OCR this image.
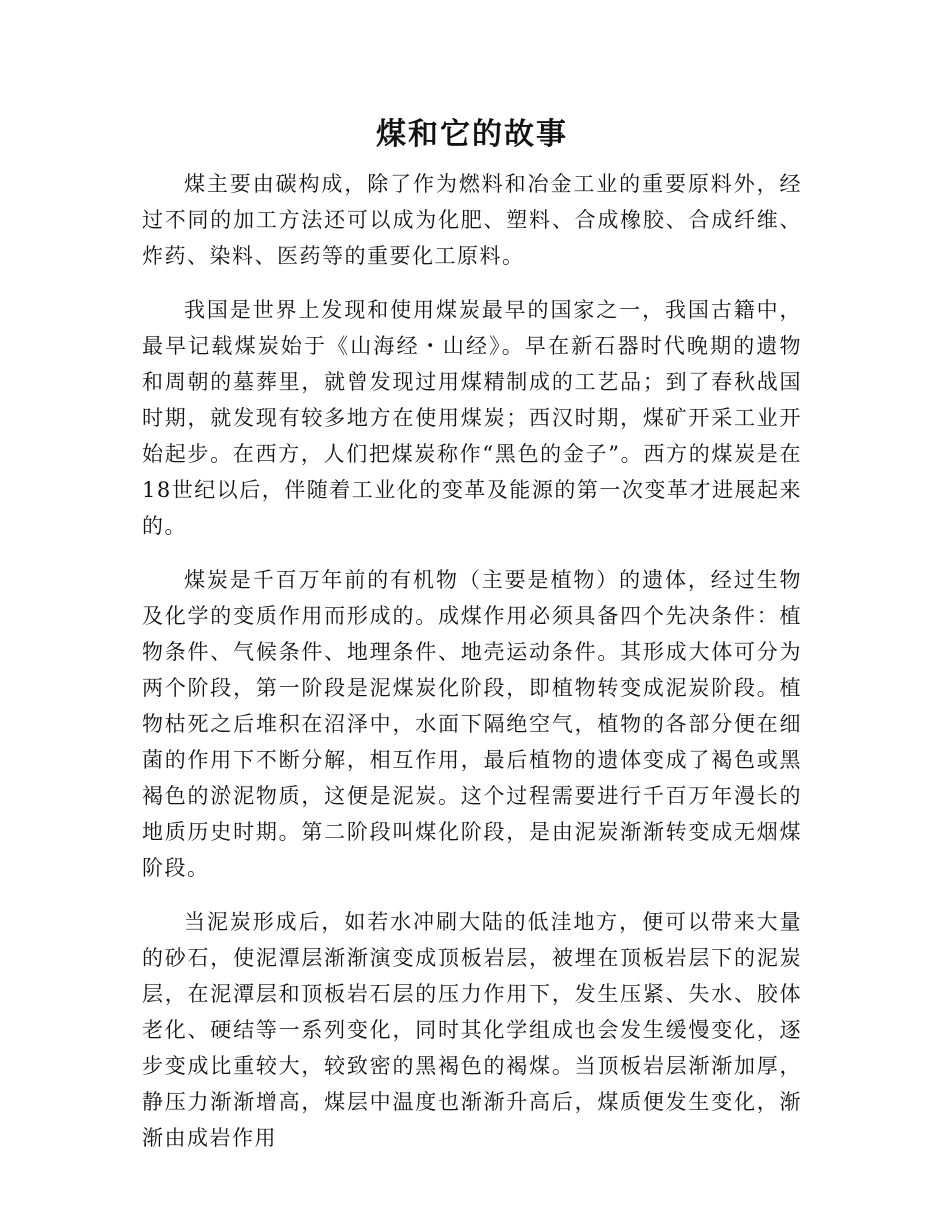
煤和它的故事

煤主要由碳构成，除了作为燃料和冶金工业的重要原料外，经过不同的加工方法还可以成为化肥、塑料、合成橡胶、合成纤维、炸药、染料、医药等的重要化工原料。

我国是世界上发现和使用煤炭最早的国家之一，我国古籍中，最早记载煤炭始于《山海经・山经》。早在新石器时代晚期的遗物和周朝的墓葬里，就曾发现过用煤精制成的工艺品；到了春秋战国时期，就发现有较多地方在使用煤炭；西汉时期，煤矿开采工业开始起步。在西方，人们把煤炭称作“黑色的金子”。西方的煤炭是在18世纪以后，伴随着工业化的变革及能源的第一次变革才进展起来的。

煤炭是千百万年前的有机物（主要是植物）的遗体，经过生物及化学的变质作用而形成的。成煤作用必须具备四个先决条件：植物条件、气候条件、地理条件、地壳运动条件。其形成大体可分为两个阶段，第一阶段是泥煤炭化阶段，即植物转变成泥炭阶段。植物枯死之后堆积在沼泽中，水面下隔绝空气，植物的各部分便在细菌的作用下不断分解，相互作用，最后植物的遗体变成了褐色或黑褐色的淤泥物质，这便是泥炭。这个过程需要进行千百万年漫长的地质历史时期。第二阶段叫煤化阶段，是由泥炭渐渐转变成无烟煤阶段。

当泥炭形成后，如若水冲刷大陆的低洼地方，便可以带来大量的砂石，使泥潭层渐渐演变成顶板岩层，被埋在顶板岩层下的泥炭层，在泥潭层和顶板岩石层的压力作用下，发生压紧、失水、胶体老化、硬结等一系列变化，同时其化学组成也会发生缓慢变化，逐步变成比重较大，较致密的黑褐色的褐煤。当顶板岩层渐渐加厚，静压力渐渐增高，煤层中温度也渐渐升高后，煤质便发生变化，渐渐由成岩作用
